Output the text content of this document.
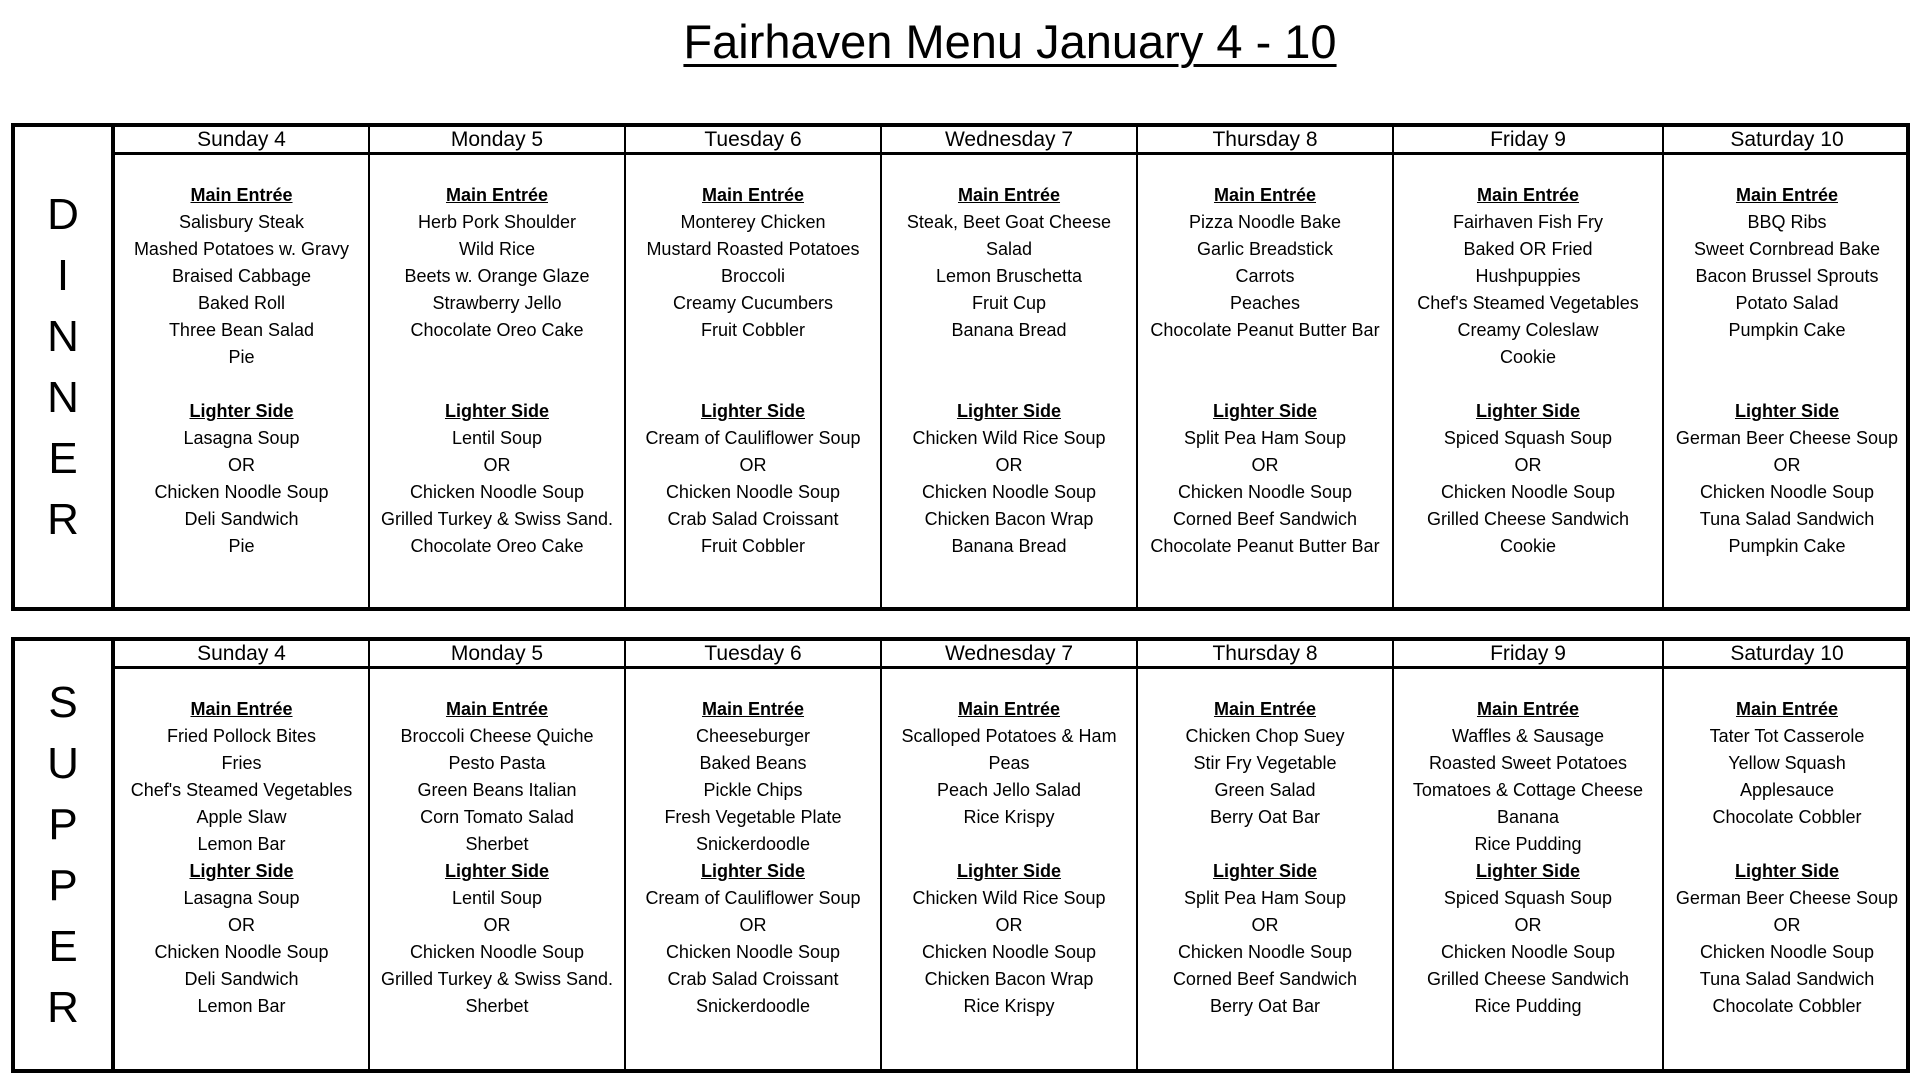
Fairhaven Menu January 4 - 10
D
I
N
N
E
R
Sunday 4
Main Entrée
Salisbury Steak
Mashed Potatoes w. Gravy
Braised Cabbage
Baked Roll
Three Bean Salad
Pie
Lighter Side
Lasagna Soup
OR
Chicken Noodle Soup
Deli Sandwich
Pie
Monday 5
Main Entrée
Herb Pork Shoulder
Wild Rice
Beets w. Orange Glaze
Strawberry Jello
Chocolate Oreo Cake
Lighter Side
Lentil Soup
OR
Chicken Noodle Soup
Grilled Turkey & Swiss Sand.
Chocolate Oreo Cake
Tuesday 6
Main Entrée
Monterey Chicken
Mustard Roasted Potatoes
Broccoli
Creamy Cucumbers
Fruit Cobbler
Lighter Side
Cream of Cauliflower Soup
OR
Chicken Noodle Soup
Crab Salad Croissant
Fruit Cobbler
Wednesday 7
Main Entrée
Steak, Beet Goat Cheese
Salad
Lemon Bruschetta
Fruit Cup
Banana Bread
Lighter Side
Chicken Wild Rice Soup
OR
Chicken Noodle Soup
Chicken Bacon Wrap
Banana Bread
Thursday 8
Main Entrée
Pizza Noodle Bake
Garlic Breadstick
Carrots
Peaches
Chocolate Peanut Butter Bar
Lighter Side
Split Pea Ham Soup
OR
Chicken Noodle Soup
Corned Beef Sandwich
Chocolate Peanut Butter Bar
Friday 9
Main Entrée
Fairhaven Fish Fry
Baked OR Fried
Hushpuppies
Chef's Steamed Vegetables
Creamy Coleslaw
Cookie
Lighter Side
Spiced Squash Soup
OR
Chicken Noodle Soup
Grilled Cheese Sandwich
Cookie
Saturday 10
Main Entrée
BBQ Ribs
Sweet Cornbread Bake
Bacon Brussel Sprouts
Potato Salad
Pumpkin Cake
Lighter Side
German Beer Cheese Soup
OR
Chicken Noodle Soup
Tuna Salad Sandwich
Pumpkin Cake
S
U
P
P
E
R
Sunday 4
Main Entrée
Fried Pollock Bites
Fries
Chef's Steamed Vegetables
Apple Slaw
Lemon Bar
Lighter Side
Lasagna Soup
OR
Chicken Noodle Soup
Deli Sandwich
Lemon Bar
Monday 5
Main Entrée
Broccoli Cheese Quiche
Pesto Pasta
Green Beans Italian
Corn Tomato Salad
Sherbet
Lighter Side
Lentil Soup
OR
Chicken Noodle Soup
Grilled Turkey & Swiss Sand.
Sherbet
Tuesday 6
Main Entrée
Cheeseburger
Baked Beans
Pickle Chips
Fresh Vegetable Plate
Snickerdoodle
Lighter Side
Cream of Cauliflower Soup
OR
Chicken Noodle Soup
Crab Salad Croissant
Snickerdoodle
Wednesday 7
Main Entrée
Scalloped Potatoes & Ham
Peas
Peach Jello Salad
Rice Krispy
Lighter Side
Chicken Wild Rice Soup
OR
Chicken Noodle Soup
Chicken Bacon Wrap
Rice Krispy
Thursday 8
Main Entrée
Chicken Chop Suey
Stir Fry Vegetable
Green Salad
Berry Oat Bar
Lighter Side
Split Pea Ham Soup
OR
Chicken Noodle Soup
Corned Beef Sandwich
Berry Oat Bar
Friday 9
Main Entrée
Waffles & Sausage
Roasted Sweet Potatoes
Tomatoes & Cottage Cheese
Banana
Rice Pudding
Lighter Side
Spiced Squash Soup
OR
Chicken Noodle Soup
Grilled Cheese Sandwich
Rice Pudding
Saturday 10
Main Entrée
Tater Tot Casserole
Yellow Squash
Applesauce
Chocolate Cobbler
Lighter Side
German Beer Cheese Soup
OR
Chicken Noodle Soup
Tuna Salad Sandwich
Chocolate Cobbler
